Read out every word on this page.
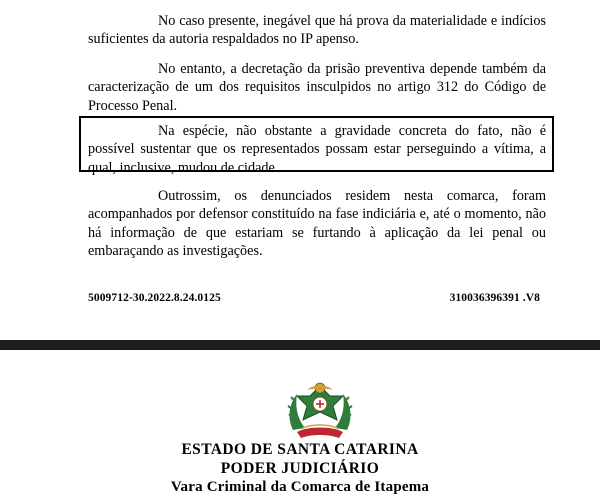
No caso presente, inegável que há prova da materialidade e indícios suficientes da autoria respaldados no IP apenso.

No entanto, a decretação da prisão preventiva depende também da caracterização de um dos requisitos insculpidos no artigo 312 do Código de Processo Penal.

Na espécie, não obstante a gravidade concreta do fato, não é possível sustentar que os representados possam estar perseguindo a vítima, a qual, inclusive, mudou de cidade.

Outrossim, os denunciados residem nesta comarca, foram acompanhados por defensor constituído na fase indiciária e, até o momento, não há informação de que estariam se furtando à aplicação da lei penal ou embaraçando as investigações.

5009712-30.2022.8.24.0125	310036396391 .V8
ESTADO DE SANTA CATARINA
PODER JUDICIÁRIO
Vara Criminal da Comarca de Itapema
